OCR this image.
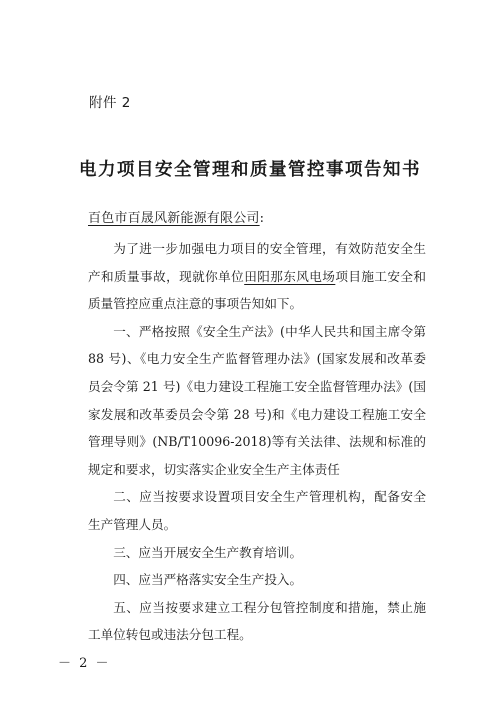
附件 2
电力项目安全管理和质量管控事项告知书
百色市百晟风新能源有限公司:

为了进一步加强电力项目的安全管理，有效防范安全生产和质量事故，现就你单位田阳那东风电场项目施工安全和质量管控应重点注意的事项告知如下。

一、严格按照《安全生产法》(中华人民共和国主席令第 88 号)、《电力安全生产监督管理办法》(国家发展和改革委员会令第 21 号)《电力建设工程施工安全监督管理办法》(国家发展和改革委员会令第 28 号)和《电力建设工程施工安全管理导则》(NB/T10096-2018)等有关法律、法规和标准的规定和要求，切实落实企业安全生产主体责任

二、应当按要求设置项目安全生产管理机构，配备安全生产管理人员。

三、应当开展安全生产教育培训。

四、应当严格落实安全生产投入。

五、应当按要求建立工程分包管控制度和措施，禁止施工单位转包或违法分包工程。

－ 2 －
